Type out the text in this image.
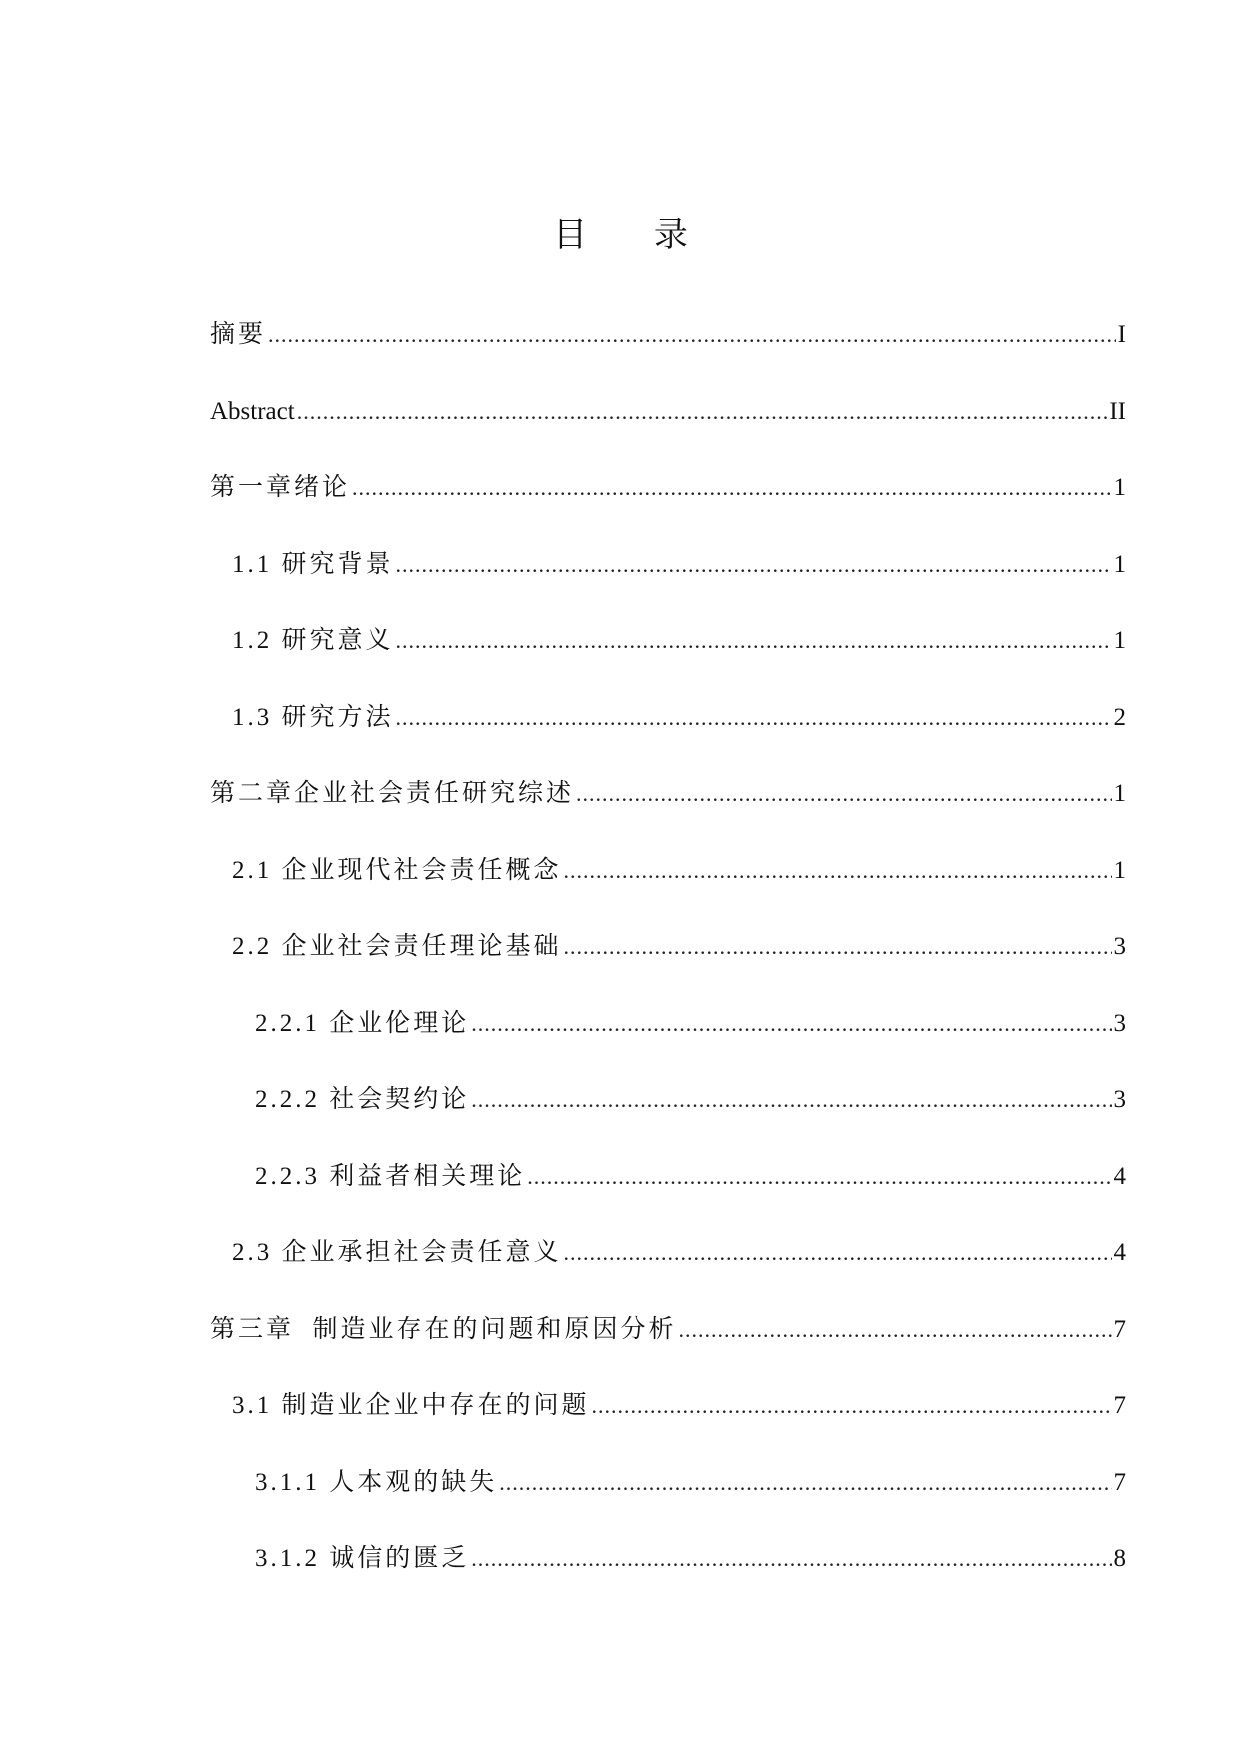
目 录
摘要 .....	I
Abstract .....	II
第一章绪论 .....	1
1.1 研究背景 .....	1
1.2 研究意义 .....	1
1.3 研究方法 .....	2
第二章企业社会责任研究综述 .....	1
2.1 企业现代社会责任概念 .....	1
2.2 企业社会责任理论基础 .....	3
2.2.1 企业伦理论 .....	3
2.2.2 社会契约论 .....	3
2.2.3 利益者相关理论 .....	4
2.3 企业承担社会责任意义 .....	4
第三章  制造业存在的问题和原因分析 .....	7
3.1 制造业企业中存在的问题 .....	7
3.1.1 人本观的缺失 .....	7
3.1.2 诚信的匮乏 .....	8
